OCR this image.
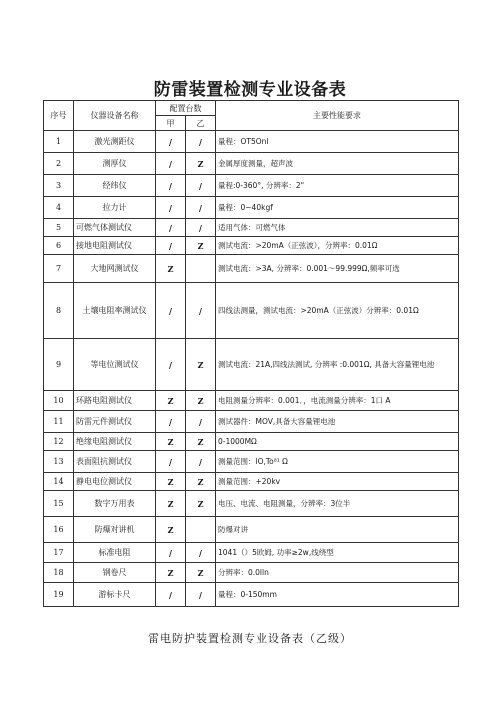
防雷装置检测专业设备表
序号	仪器设备名称	配置台数		主要性能要求
		甲	乙	
1	激光测距仪	/	/	量程：OT5Onl
2	测厚仪	/	Z	金属厚度测量，超声波
3	经纬仪	/	/	量程:0-360°, 分辨率：2"
4	拉力计	/	/	量程：0~40kgf
5	可燃气体测试仪	/	/	适用气体：可燃气体
6	接地电阻测试仪	/	Z	测试电流：>20mA（正弦波），分辨率：0.01Ω
7	大地网测试仪	Z		测试电流：>3A, 分辨率：0.001～99.999Ω,频率可选
8	土壤电阻率测试仪	/	/	四线法测量，测试电流：>20mA（正弦波）分辨率：0.01Ω
9	等电位测试仪	/	Z	测试电流：21A,四线法测试, 分辨率 :0.001Ω, 具备大容量锂电池
10	环路电阻测试仪	Z	Z	电阻测量分辨率：0.001．，电流测量分辨率：1口 A
11	防雷元件测试仪	/	/	测试器件：MOV,具备大容量锂电池
12	绝缘电阻测试仪	Z	Z	0-1000MΩ
13	表面阻抗测试仪	/	/	测量范围：lO,To⁸¹ Ω
14	静电电位测试仪	Z	Z	测量范围：+20kv
15	数字万用表	Z	Z	电压、电流、电阻测量，分辨率：3位半
16	防爆对讲机	Z		防爆对讲
17	标准电阻	/	/	1041（）5欧姆, 功率≥2w,线绕型
18	钢卷尺	Z	Z	分辨率：0.0lln
19	游标卡尺	/	/	量程：0-150mm
雷电防护装置检测专业设备表（乙级）
